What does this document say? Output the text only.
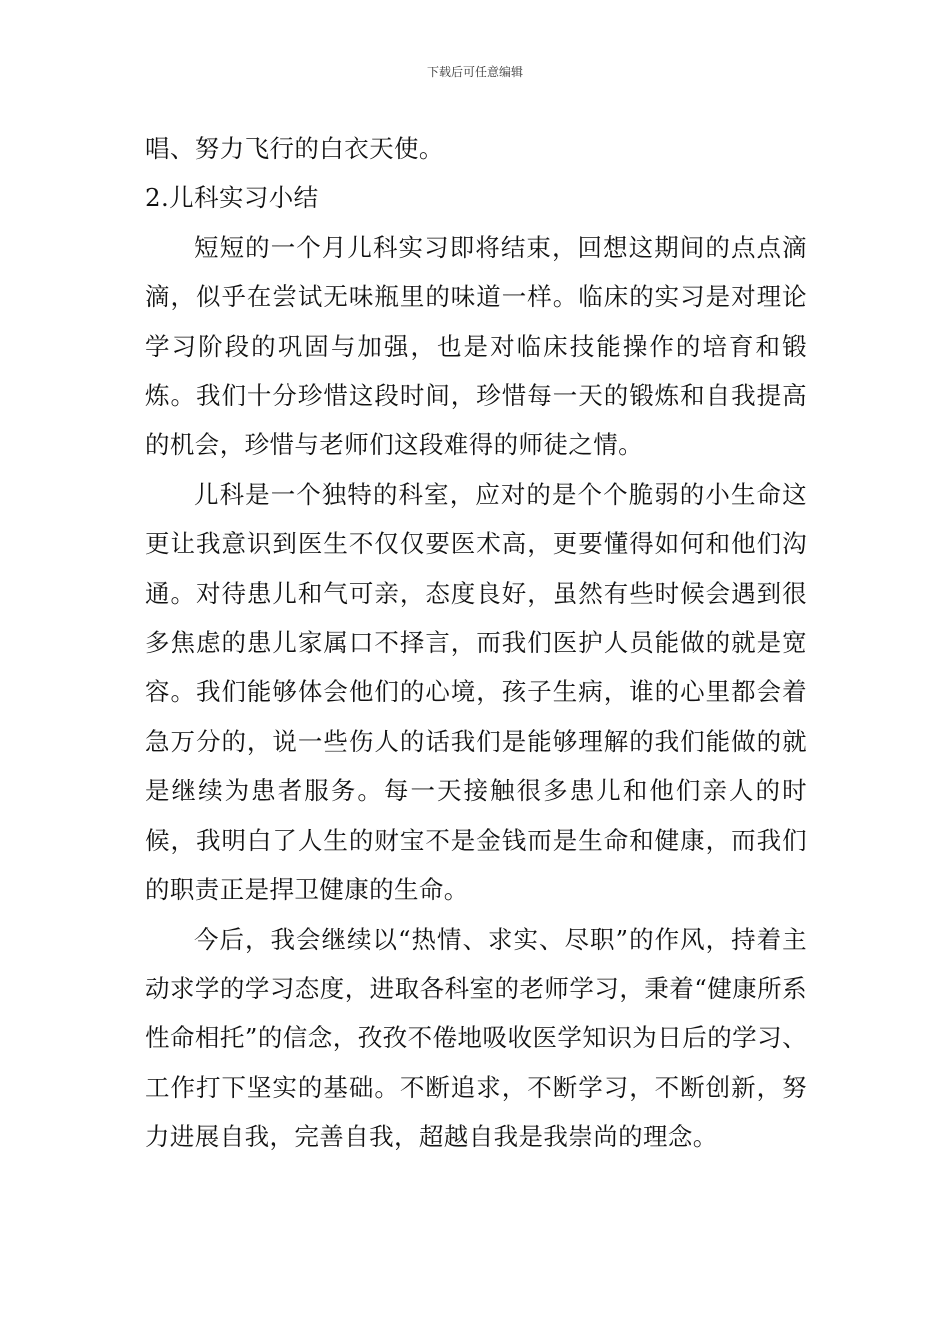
下载后可任意编辑

唱、努力飞行的白衣天使。

2.儿科实习小结

短短的一个月儿科实习即将结束，回想这期间的点点滴滴，似乎在尝试无味瓶里的味道一样。临床的实习是对理论学习阶段的巩固与加强，也是对临床技能操作的培育和锻炼。我们十分珍惜这段时间，珍惜每一天的锻炼和自我提高的机会，珍惜与老师们这段难得的师徒之情。

儿科是一个独特的科室，应对的是个个脆弱的小生命这更让我意识到医生不仅仅要医术高，更要懂得如何和他们沟通。对待患儿和气可亲，态度良好，虽然有些时候会遇到很多焦虑的患儿家属口不择言，而我们医护人员能做的就是宽容。我们能够体会他们的心境，孩子生病，谁的心里都会着急万分的，说一些伤人的话我们是能够理解的我们能做的就是继续为患者服务。每一天接触很多患儿和他们亲人的时候，我明白了人生的财宝不是金钱而是生命和健康，而我们的职责正是捍卫健康的生命。

今后，我会继续以“热情、求实、尽职”的作风，持着主动求学的学习态度，进取各科室的老师学习，秉着“健康所系性命相托”的信念，孜孜不倦地吸收医学知识为日后的学习、工作打下坚实的基础。不断追求，不断学习，不断创新，努力进展自我，完善自我，超越自我是我崇尚的理念。
